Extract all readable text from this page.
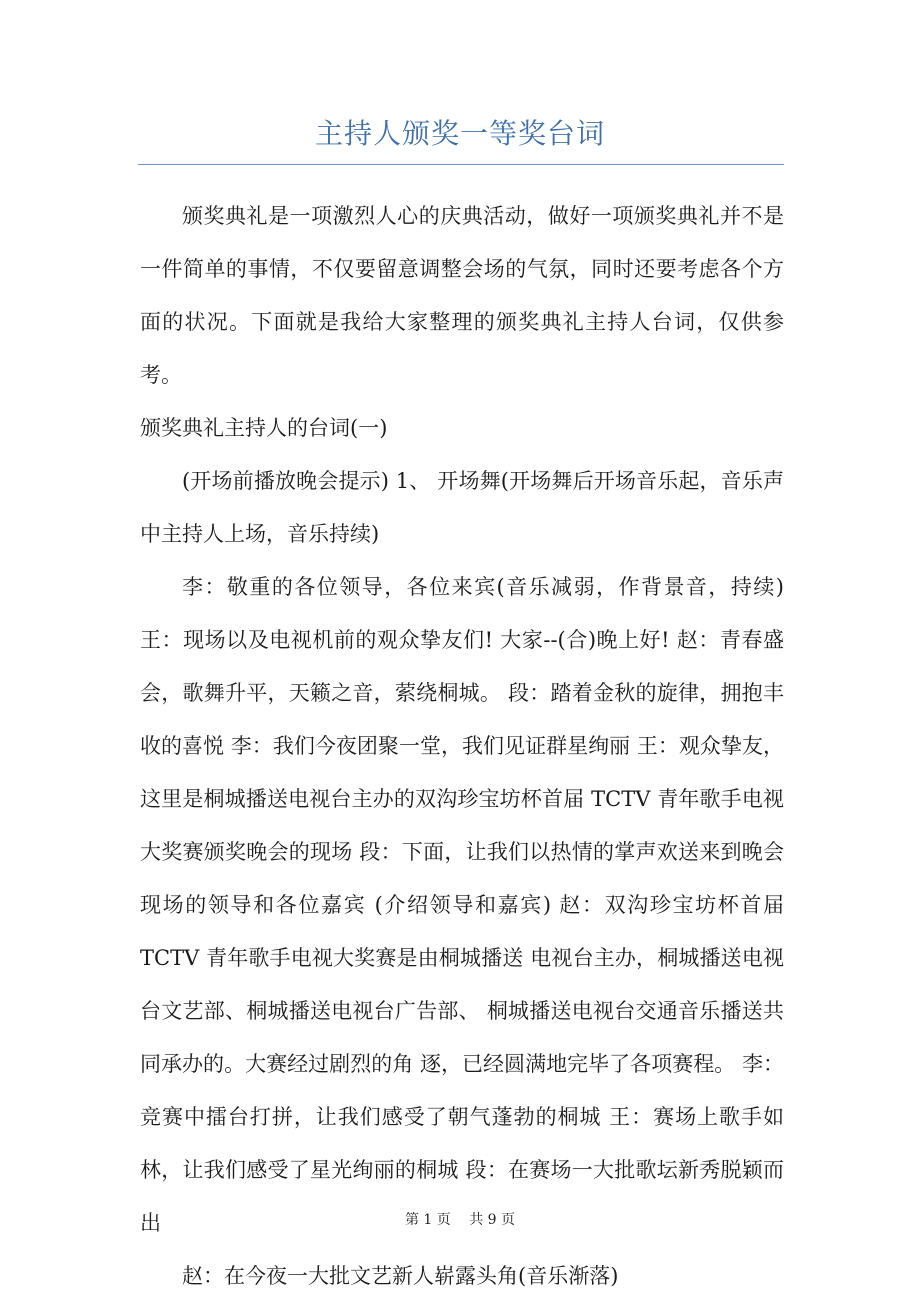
主持人颁奖一等奖台词

颁奖典礼是一项激烈人心的庆典活动，做好一项颁奖典礼并不是一件简单的事情，不仅要留意调整会场的气氛，同时还要考虑各个方面的状况。下面就是我给大家整理的颁奖典礼主持人台词，仅供参考。

颁奖典礼主持人的台词(一)

(开场前播放晚会提示) 1、 开场舞(开场舞后开场音乐起，音乐声中主持人上场，音乐持续)

李：敬重的各位领导，各位来宾(音乐减弱，作背景音，持续) 王：现场以及电视机前的观众挚友们! 大家--(合)晚上好! 赵：青春盛会，歌舞升平，天籁之音，萦绕桐城。 段：踏着金秋的旋律，拥抱丰收的喜悦 李：我们今夜团聚一堂，我们见证群星绚丽 王：观众挚友，这里是桐城播送电视台主办的双沟珍宝坊杯首届 TCTV 青年歌手电视大奖赛颁奖晚会的现场 段：下面，让我们以热情的掌声欢送来到晚会现场的领导和各位嘉宾 (介绍领导和嘉宾) 赵：双沟珍宝坊杯首届 TCTV 青年歌手电视大奖赛是由桐城播送 电视台主办，桐城播送电视台文艺部、桐城播送电视台广告部、 桐城播送电视台交通音乐播送共同承办的。大赛经过剧烈的角 逐，已经圆满地完毕了各项赛程。 李：竞赛中擂台打拼，让我们感受了朝气蓬勃的桐城 王：赛场上歌手如林，让我们感受了星光绚丽的桐城 段：在赛场一大批歌坛新秀脱颖而出

赵：在今夜一大批文艺新人崭露头角(音乐渐落)

第 1 页 共 9 页
